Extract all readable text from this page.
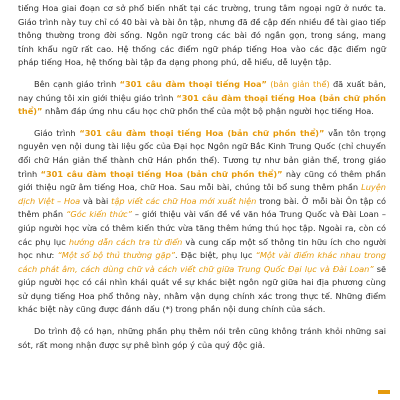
tiếng Hoa giai đoạn cơ sở phổ biến nhất tại các trường, trung tâm ngoại ngữ ở nước ta. Giáo trình này tuy chỉ có 40 bài và bài ôn tập, nhưng đã đề cập đến nhiều đề tài giao tiếp thông thường trong đời sống. Ngôn ngữ trong các bài đó ngắn gọn, trong sáng, mang tính khẩu ngữ rất cao. Hệ thống các điểm ngữ pháp tiếng Hoa vào các đặc điểm ngữ pháp tiếng Hoa, hệ thống bài tập đa dạng phong phú, dễ hiểu, dễ luyện tập.

Bên cạnh giáo trình “301 câu đàm thoại tiếng Hoa” (bản giản thể) đã xuất bản, nay chúng tôi xin giới thiệu giáo trình “301 câu đàm thoại tiếng Hoa (bản chữ phồn thể)” nhằm đáp ứng nhu cầu học chữ phồn thể của một bộ phận người học tiếng Hoa.

Giáo trình “301 câu đàm thoại tiếng Hoa (bản chữ phồn thể)” vẫn tôn trọng nguyên vẹn nội dung tài liệu gốc của Đại học Ngôn ngữ Bắc Kinh Trung Quốc (chỉ chuyển đổi chữ Hán giản thể thành chữ Hán phồn thể). Tương tự như bản giản thể, trong giáo trình “301 câu đàm thoại tiếng Hoa (bản chữ phồn thể)” này cũng có thêm phần giới thiệu ngữ âm tiếng Hoa, chữ Hoa. Sau mỗi bài, chúng tôi bổ sung thêm phần Luyện dịch Việt – Hoa và bài tập viết các chữ Hoa mới xuất hiện trong bài. Ở mỗi bài Ôn tập có thêm phần “Góc kiến thức” – giới thiệu vài vấn đề về văn hóa Trung Quốc và Đài Loan – giúp người học vừa có thêm kiến thức vừa tăng thêm hứng thú học tập. Ngoài ra, còn có các phụ lục hướng dẫn cách tra từ điển và cung cấp một số thông tin hữu ích cho người học như: “Một số bộ thủ thường gặp”. Đặc biệt, phụ lục “Một vài điểm khác nhau trong cách phát âm, cách dùng chữ và cách viết chữ giữa Trung Quốc Đại lục và Đài Loan” sẽ giúp người học có cái nhìn khái quát về sự khác biệt ngôn ngữ giữa hai địa phương cùng sử dụng tiếng Hoa phổ thông này, nhằm vận dụng chính xác trong thực tế. Những điểm khác biệt này cũng được đánh dấu (*) trong phần nội dung chính của sách.

Do trình độ có hạn, những phần phụ thêm nói trên cũng không tránh khỏi những sai sót, rất mong nhận được sự phê bình góp ý của quý độc giả.
